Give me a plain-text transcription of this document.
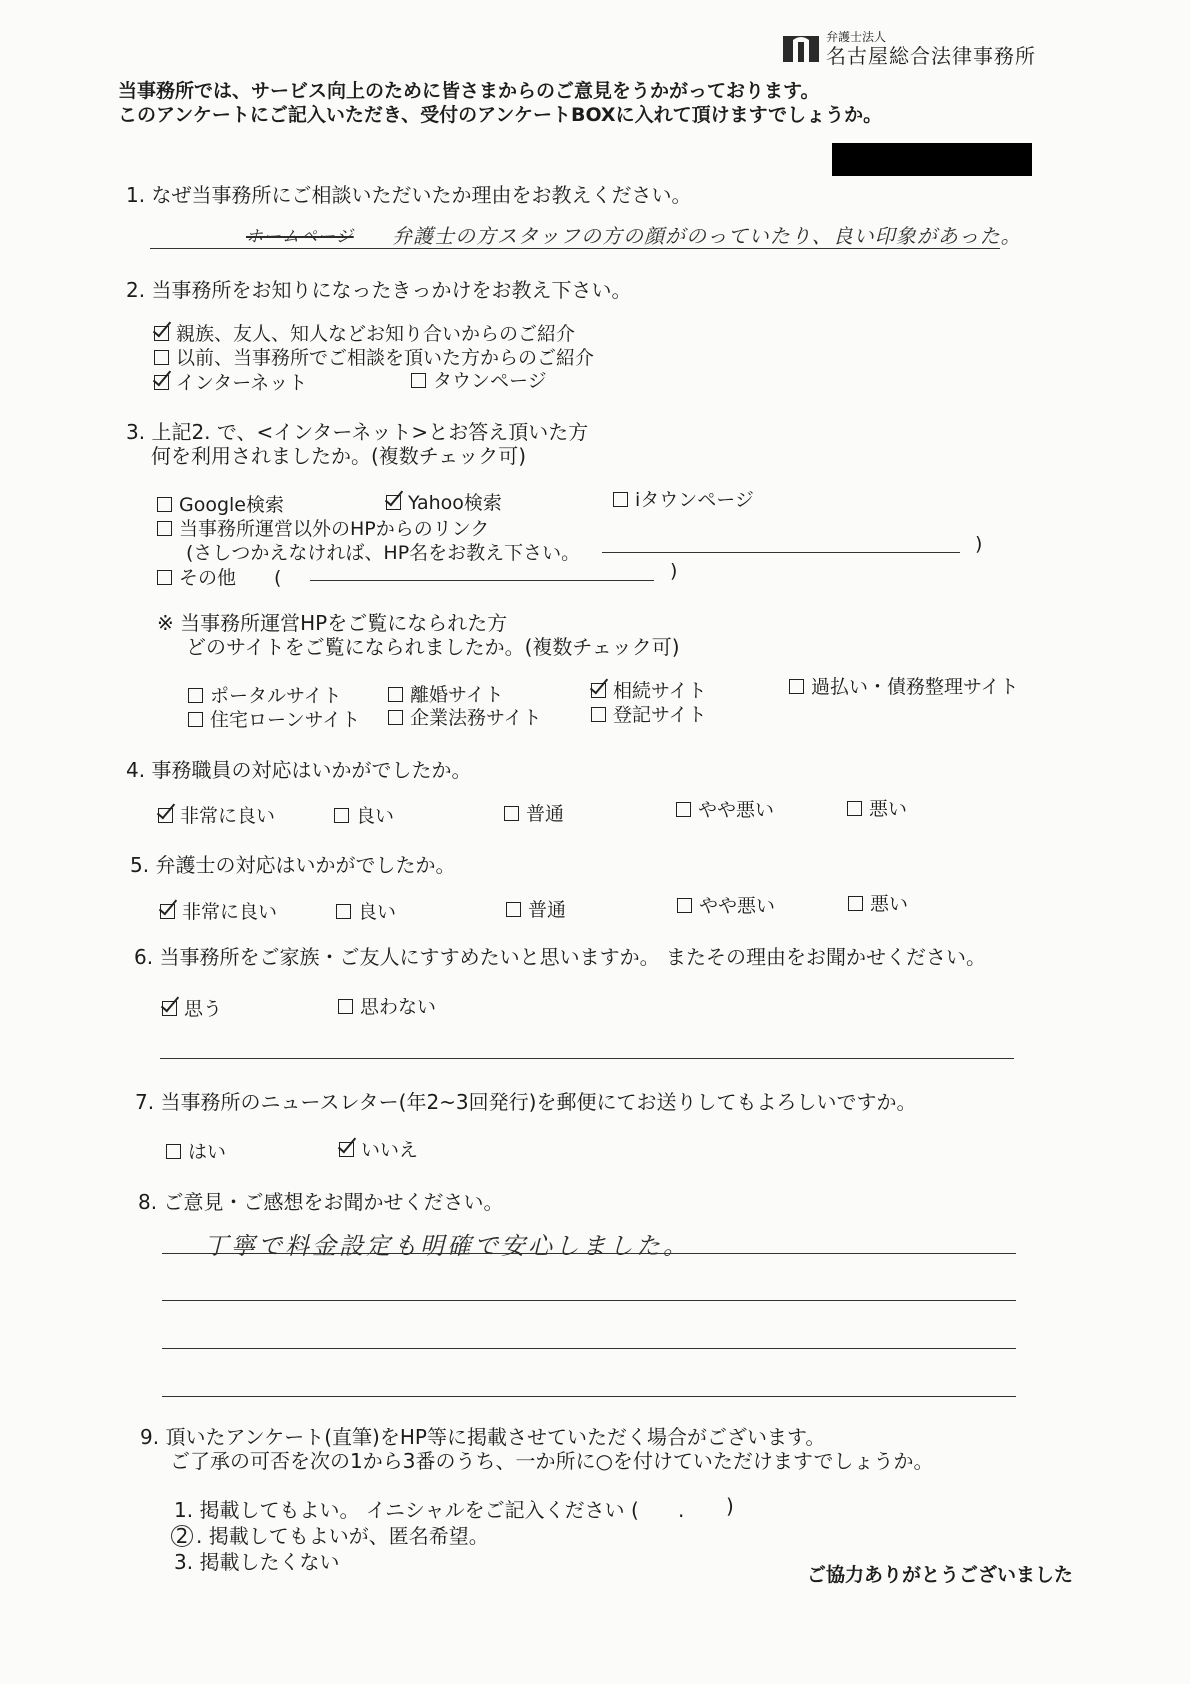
弁護士法人
名古屋総合法律事務所
当事務所では、サービス向上のために皆さまからのご意見をうかがっております。
このアンケートにご記入いただき、受付のアンケートBOXに入れて頂けますでしょうか。
1. なぜ当事務所にご相談いただいたか理由をお教えください。
ホームページ 弁護士の方スタッフの方の顔がのっていたり、良い印象があった。
2. 当事務所をお知りになったきっかけをお教え下さい。
親族、友人、知人などお知り合いからのご紹介
以前、当事務所でご相談を頂いた方からのご紹介
インターネット	タウンページ
3. 上記2. で、<インターネット>とお答え頂いた方
何を利用されましたか。(複数チェック可)
Google検索	Yahoo検索	iタウンページ
当事務所運営以外のHPからのリンク
(さしつかえなければ、HP名をお教え下さい。	)
その他 (	)
※ 当事務所運営HPをご覧になられた方
どのサイトをご覧になられましたか。(複数チェック可)
ポータルサイト	離婚サイト	相続サイト	過払い・債務整理サイト
住宅ローンサイト	企業法務サイト	登記サイト
4. 事務職員の対応はいかがでしたか。
非常に良い	良い	普通	やや悪い	悪い
5. 弁護士の対応はいかがでしたか。
非常に良い	良い	普通	やや悪い	悪い
6. 当事務所をご家族・ご友人にすすめたいと思いますか。 またその理由をお聞かせください。
思う	思わない
7. 当事務所のニュースレター(年2~3回発行)を郵便にてお送りしてもよろしいですか。
はい	いいえ
8. ご意見・ご感想をお聞かせください。
丁寧で料金設定も明確で安心しました。
9. 頂いたアンケート(直筆)をHP等に掲載させていただく場合がございます。
ご了承の可否を次の1から3番のうち、一か所に○を付けていただけますでしょうか。
1. 掲載してもよい。 イニシャルをご記入ください ( . )
2 . 掲載してもよいが、匿名希望。
3. 掲載したくない
ご協力ありがとうございました
